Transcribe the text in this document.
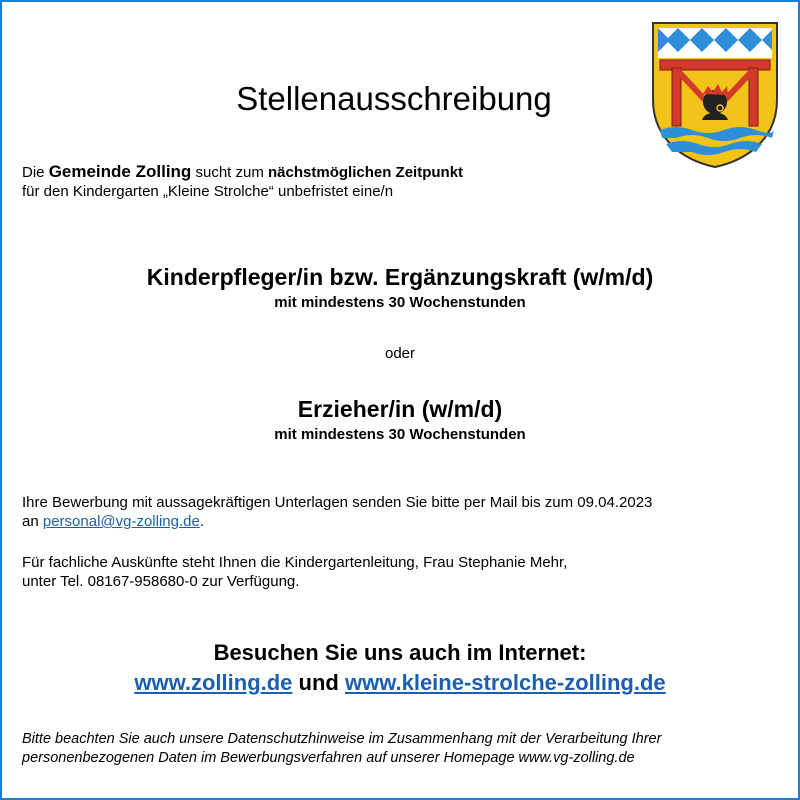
Stellenausschreibung
Die Gemeinde Zolling sucht zum nächstmöglichen Zeitpunkt
für den Kindergarten „Kleine Strolche“ unbefristet eine/n
Kinderpfleger/in bzw. Ergänzungskraft (w/m/d)
mit mindestens 30 Wochenstunden
oder
Erzieher/in (w/m/d)
mit mindestens 30 Wochenstunden
Ihre Bewerbung mit aussagekräftigen Unterlagen senden Sie bitte per Mail bis zum 09.04.2023
an personal@vg-zolling.de.
Für fachliche Auskünfte steht Ihnen die Kindergartenleitung, Frau Stephanie Mehr,
unter Tel. 08167-958680-0 zur Verfügung.
Besuchen Sie uns auch im Internet:
www.zolling.de und www.kleine-strolche-zolling.de
Bitte beachten Sie auch unsere Datenschutzhinweise im Zusammenhang mit der Verarbeitung Ihrer
personenbezogenen Daten im Bewerbungsverfahren auf unserer Homepage www.vg-zolling.de
